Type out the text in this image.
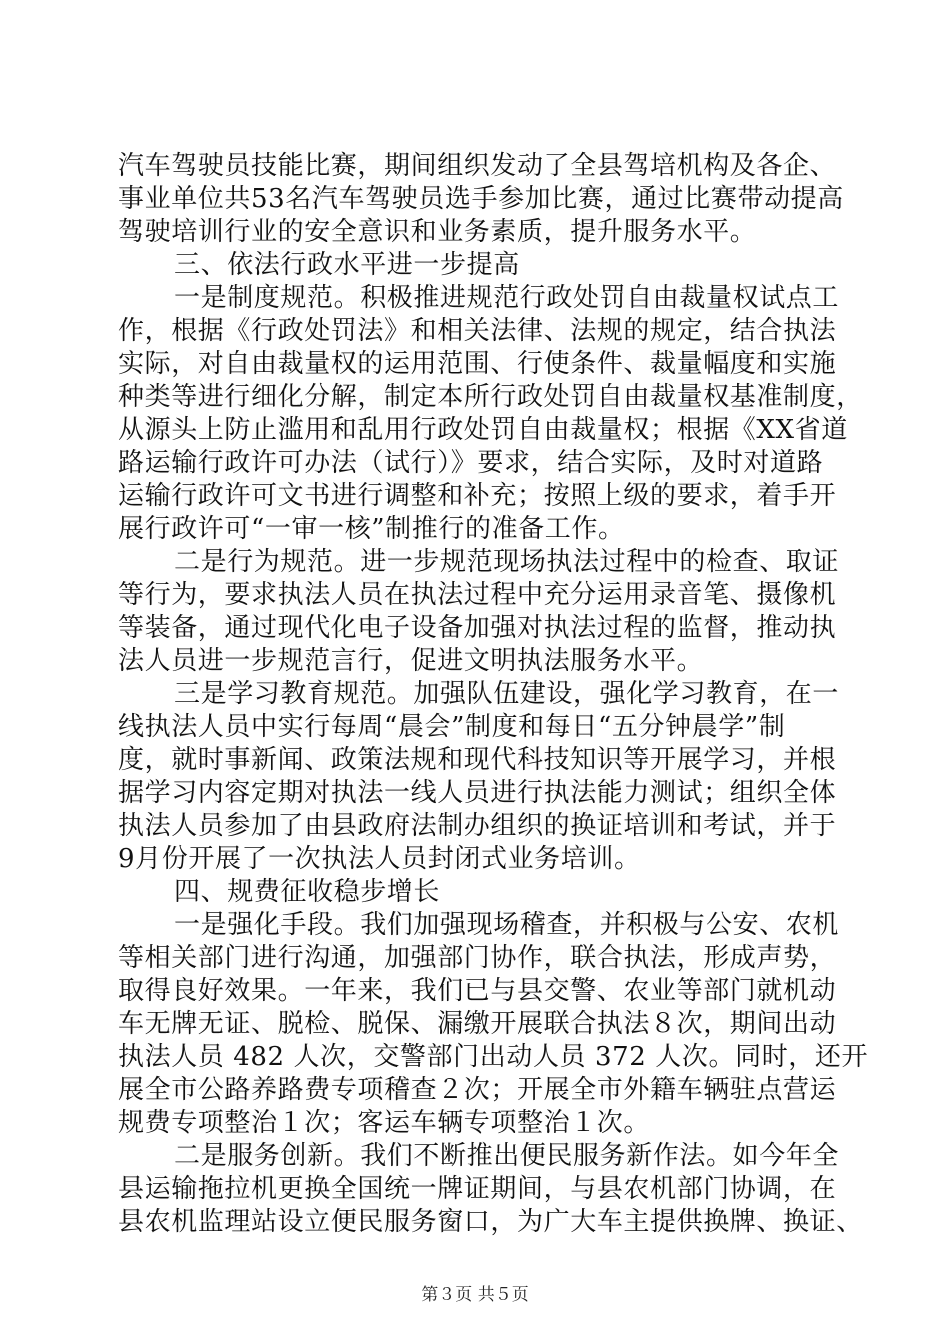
汽车驾驶员技能比赛，期间组织发动了全县驾培机构及各企、
事业单位共53名汽车驾驶员选手参加比赛，通过比赛带动提高
驾驶培训行业的安全意识和业务素质，提升服务水平。
三、依法行政水平进一步提高
一是制度规范。积极推进规范行政处罚自由裁量权试点工
作，根据《行政处罚法》和相关法律、法规的规定，结合执法
实际，对自由裁量权的运用范围、行使条件、裁量幅度和实施
种类等进行细化分解，制定本所行政处罚自由裁量权基准制度，
从源头上防止滥用和乱用行政处罚自由裁量权；根据《XX省道
路运输行政许可办法（试行）》要求，结合实际，及时对道路
运输行政许可文书进行调整和补充；按照上级的要求，着手开
展行政许可“一审一核”制推行的准备工作。
二是行为规范。进一步规范现场执法过程中的检查、取证
等行为，要求执法人员在执法过程中充分运用录音笔、摄像机
等装备，通过现代化电子设备加强对执法过程的监督，推动执
法人员进一步规范言行，促进文明执法服务水平。
三是学习教育规范。加强队伍建设，强化学习教育，在一
线执法人员中实行每周“晨会”制度和每日“五分钟晨学”制
度，就时事新闻、政策法规和现代科技知识等开展学习，并根
据学习内容定期对执法一线人员进行执法能力测试；组织全体
执法人员参加了由县政府法制办组织的换证培训和考试，并于
9月份开展了一次执法人员封闭式业务培训。
四、规费征收稳步增长
一是强化手段。我们加强现场稽查，并积极与公安、农机
等相关部门进行沟通，加强部门协作，联合执法，形成声势，
取得良好效果。一年来，我们已与县交警、农业等部门就机动
车无牌无证、脱检、脱保、漏缴开展联合执法８次，期间出动
执法人员 482 人次，交警部门出动人员 372 人次。同时，还开
展全市公路养路费专项稽查２次；开展全市外籍车辆驻点营运
规费专项整治１次；客运车辆专项整治１次。
二是服务创新。我们不断推出便民服务新作法。如今年全
县运输拖拉机更换全国统一牌证期间，与县农机部门协调，在
县农机监理站设立便民服务窗口，为广大车主提供换牌、换证、
第３页 共５页
